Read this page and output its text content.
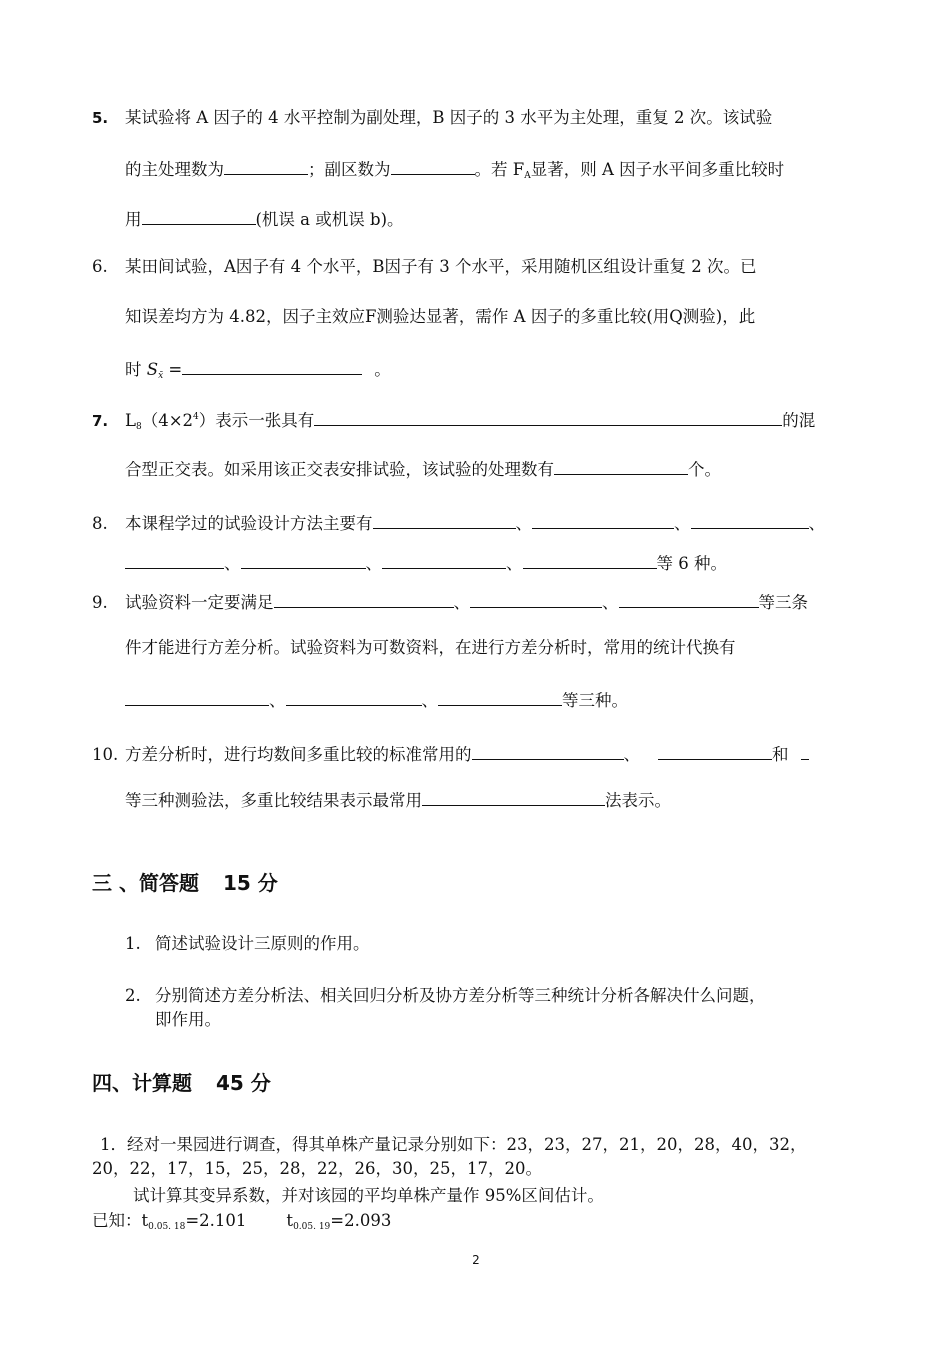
5. 某试验将 A 因子的 4 水平控制为副处理，B 因子的 3 水平为主处理，重复 2 次。该试验
的主处理数为	；副区数为	。若 $F_A$显著，则 A 因子水平间多重比较时
用	(机误 a 或机误 b)。
6. 某田间试验，A因子有 4 个水平，B因子有 3 个水平，采用随机区组设计重复 2 次。已
知误差均方为 4.82，因子主效应F测验达显著，需作 A 因子的多重比较(用Q测验)，此
时 $S_{x̄}$ =	。
7. $L_8(4\times 2^4)$表示一张具有	的混
合型正交表。如采用该正交表安排试验，该试验的处理数有	个。
8. 本课程学过的试验设计方法主要有	、	、	、
、	、	、	等 6 种。
9. 试验资料一定要满足	、	、	等三条
件才能进行方差分析。试验资料为可数资料，在进行方差分析时，常用的统计代换有
、	、	等三种。
10. 方差分析时，进行均数间多重比较的标准常用的	、	和
等三种测验法，多重比较结果表示最常用	法表示。
三 、简答题 15 分
1. 简述试验设计三原则的作用。
2. 分别简述方差分析法、相关回归分析及协方差分析等三种统计分析各解决什么问题，
即作用。
四、计算题 45 分
1．经对一果园进行调查，得其单株产量记录分别如下：23，23，27，21，20，28，40，32，
20，22，17，15，25，28，22，26，30，25，17，20。
试计算其变异系数，并对该园的平均单株产量作 95%区间估计。
已知：$t_{0.05. 18}=2.101$ $t_{0.05. 19}=2.093$
2
